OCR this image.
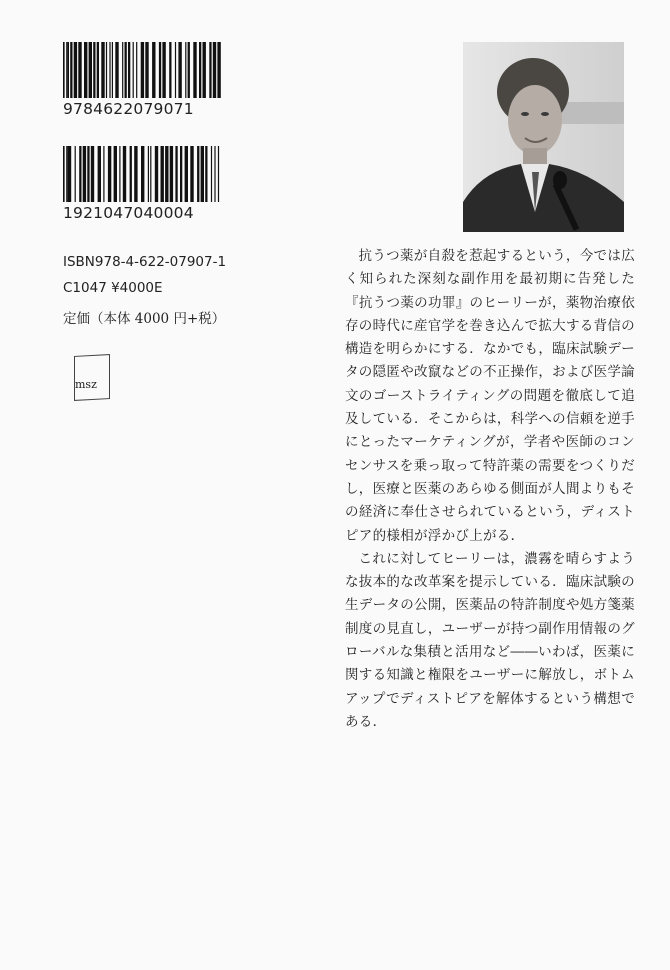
9784622079071
1921047040004
ISBN978-4-622-07907-1
C1047 ¥4000E
定価（本体 4000 円+税）
msz

抗うつ薬が自殺を惹起するという，今では広く知られた深刻な副作用を最初期に告発した『抗うつ薬の功罪』のヒーリーが，薬物治療依存の時代に産官学を巻き込んで拡大する背信の構造を明らかにする．なかでも，臨床試験データの隠匿や改竄などの不正操作，および医学論文のゴーストライティングの問題を徹底して追及している．そこからは，科学への信頼を逆手にとったマーケティングが，学者や医師のコンセンサスを乗っ取って特許薬の需要をつくりだし，医療と医薬のあらゆる側面が人間よりもその経済に奉仕させられているという，ディストピア的様相が浮かび上がる．

これに対してヒーリーは，濃霧を晴らすような抜本的な改革案を提示している．臨床試験の生データの公開，医薬品の特許制度や処方箋薬制度の見直し，ユーザーが持つ副作用情報のグローバルな集積と活用など――いわば，医薬に関する知識と権限をユーザーに解放し，ボトムアップでディストピアを解体するという構想である．
